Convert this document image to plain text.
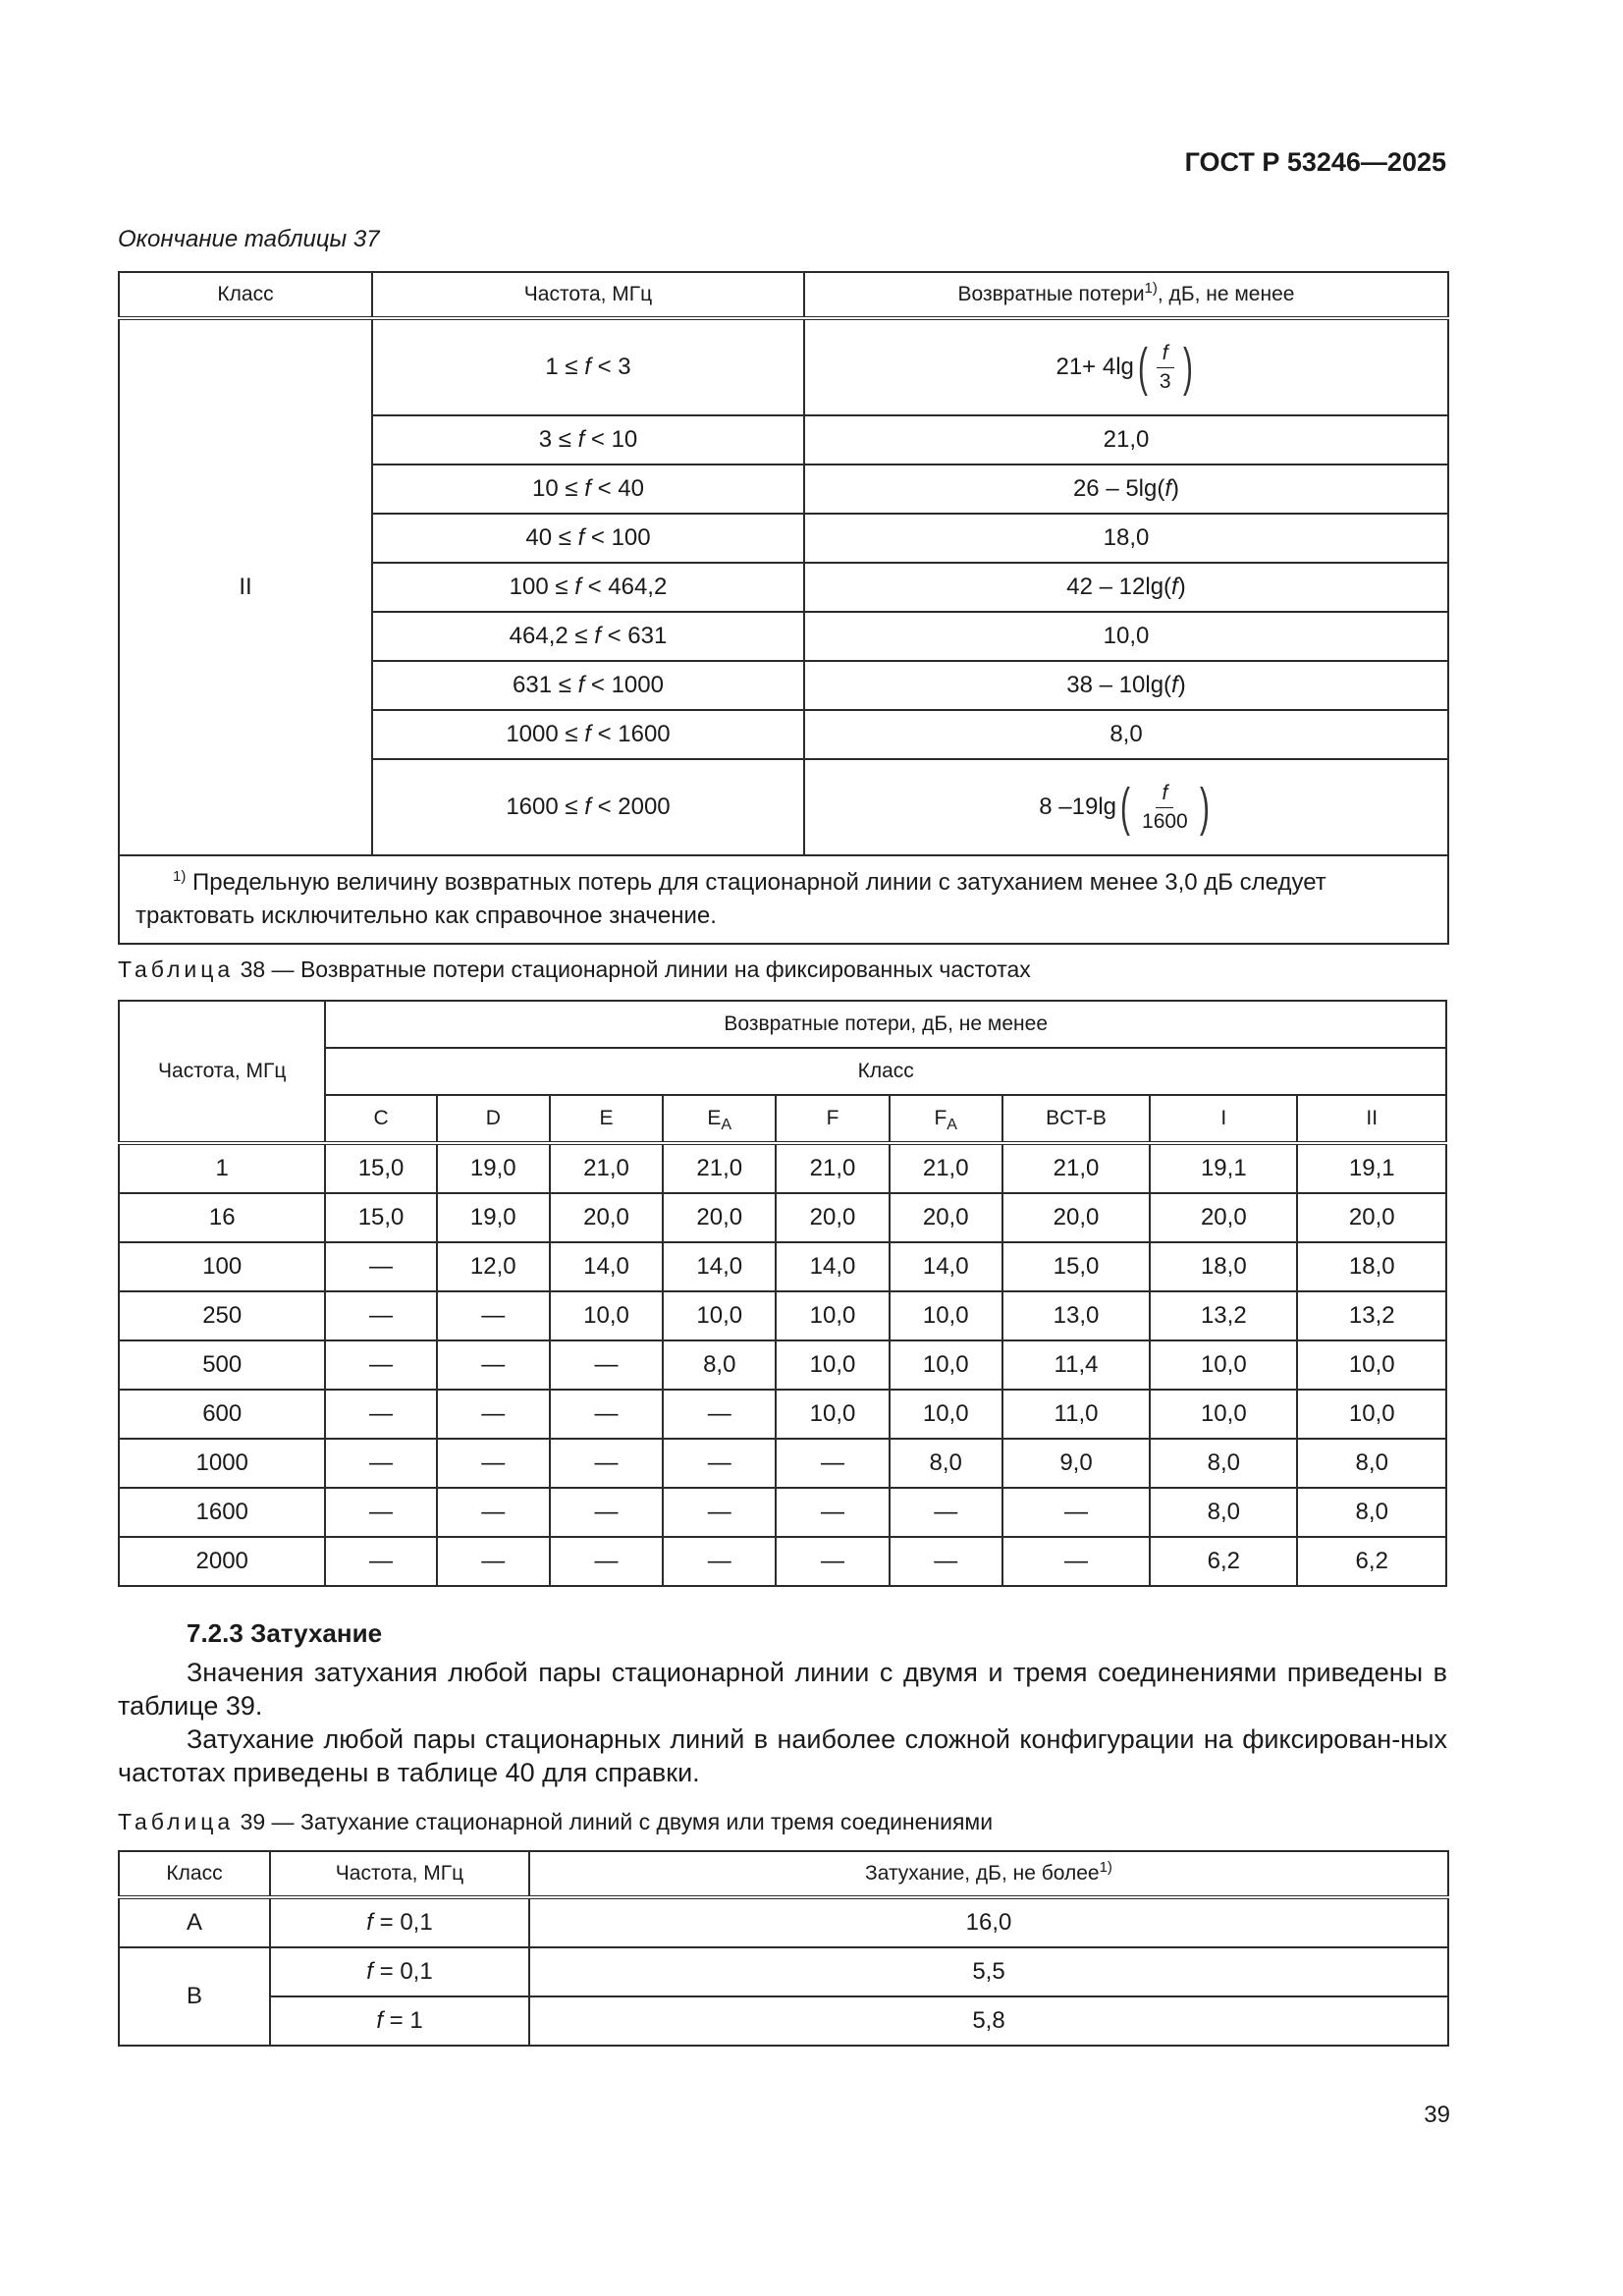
ГОСТ Р 53246—2025
Окончание таблицы 37
Класс	Частота, МГц	Возвратные потери$^{1)}$, дБ, не менее
II	1 ≤ f < 3	21+ 4lg ( $\frac{f}{3}$ )

	3 ≤ f < 10	21,0
	10 ≤ f < 40	26 – 5lg(f)
	40 ≤ f < 100	18,0
	100 ≤ f < 464,2	42 – 12lg(f)
	464,2 ≤ f < 631	10,0
	631 ≤ f < 1000	38 – 10lg(f)
	1000 ≤ f < 1600	8,0
	1600 ≤ f < 2000	8 –19lg ( $\frac{f}{1600}$ )

$^{1)}$ Предельную величину возвратных потерь для стационарной линии с затуханием менее 3,0 дБ следует
трактовать исключительно как справочное значение.		
Таблица 38 — Возвратные потери стационарной линии на фиксированных частотах
Частота, МГц	Возвратные потери, дБ, не менее								
	Класс								
	C	D	E	$E_A$	F	$F_A$	BCT-B	I	II
1	15,0	19,0	21,0	21,0	21,0	21,0	21,0	19,1	19,1
16	15,0	19,0	20,0	20,0	20,0	20,0	20,0	20,0	20,0
100	—	12,0	14,0	14,0	14,0	14,0	15,0	18,0	18,0
250	—	—	10,0	10,0	10,0	10,0	13,0	13,2	13,2
500	—	—	—	8,0	10,0	10,0	11,4	10,0	10,0
600	—	—	—	—	10,0	10,0	11,0	10,0	10,0
1000	—	—	—	—	—	8,0	9,0	8,0	8,0
1600	—	—	—	—	—	—	—	8,0	8,0
2000	—	—	—	—	—	—	—	6,2	6,2
7.2.3 Затухание
Значения затухания любой пары стационарной линии с двумя и тремя соединениями приведены в таблице 39.
Затухание любой пары стационарных линий в наиболее сложной конфигурации на фиксирован-ных частотах приведены в таблице 40 для справки.
Таблица 39 — Затухание стационарной линий с двумя или тремя соединениями
Класс	Частота, МГц	Затухание, дБ, не более$^{1)}$
A	f = 0,1	16,0
B	f = 0,1	5,5
	f = 1	5,8
39
